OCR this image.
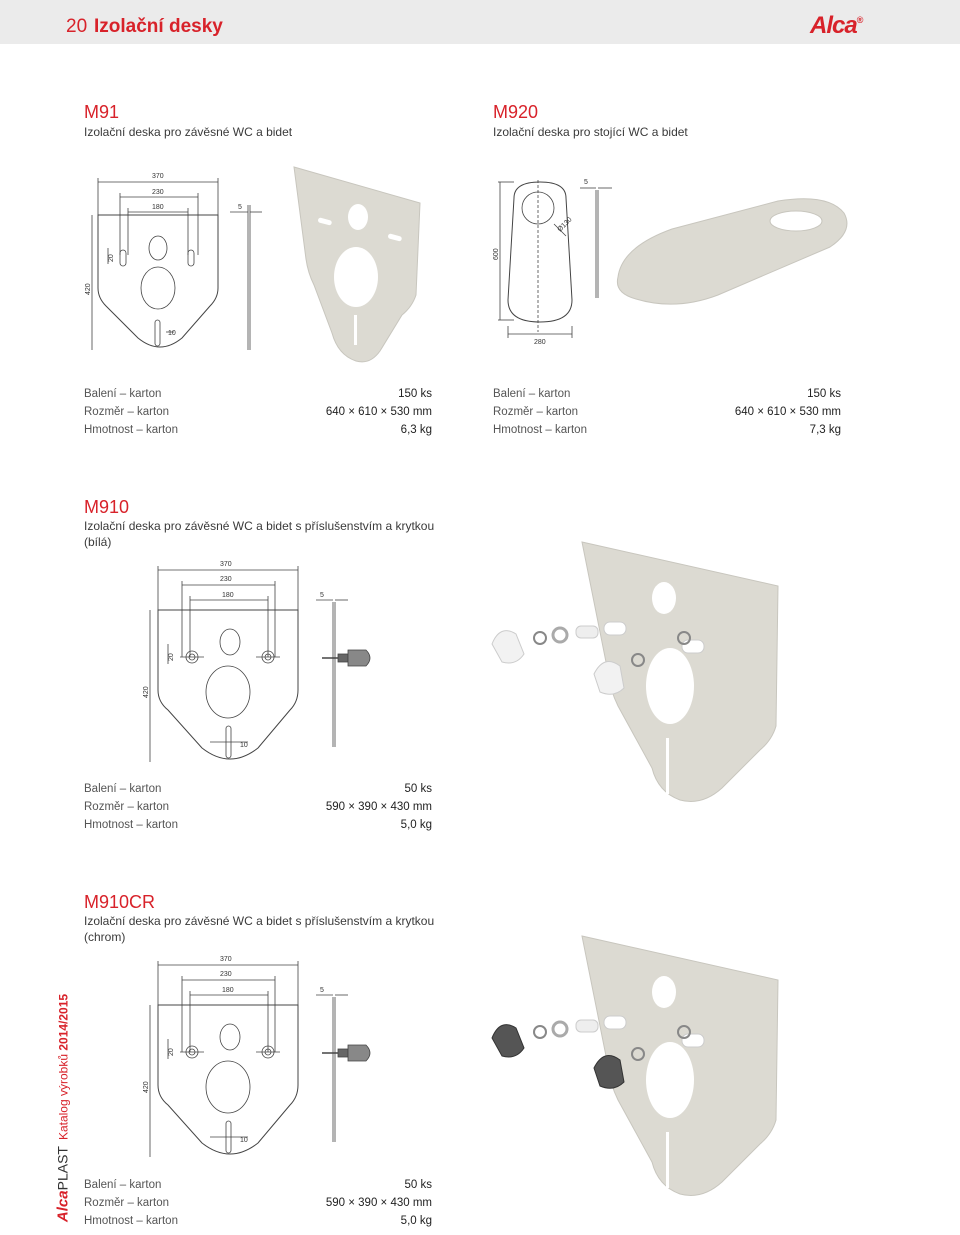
20 Izolační desky	Alca®
M91
Izolační deska pro závěsné WC a bidet
370
230
180	5
420
20
10
Balení – karton	150 ks
Rozměr – karton	640 × 610 × 530 mm
Hmotnost – karton	6,3 kg
M920
Izolační deska pro stojící WC a bidet
600
280
Ø130
5
Balení – karton	150 ks
Rozměr – karton	640 × 610 × 530 mm
Hmotnost – karton	7,3 kg
M910
Izolační deska pro závěsné WC a bidet s příslušenstvím a krytkou (bílá)
370
230
180	5
420
20
10
Balení – karton	50 ks
Rozměr – karton	590 × 390 × 430 mm
Hmotnost – karton	5,0 kg
M910CR
Izolační deska pro závěsné WC a bidet s příslušenstvím a krytkou (chrom)
370
230
180	5
420
20
10
Balení – karton	50 ks
Rozměr – karton	590 × 390 × 430 mm
Hmotnost – karton	5,0 kg
AlcaPLASTKatalog výrobků 2014/2015
